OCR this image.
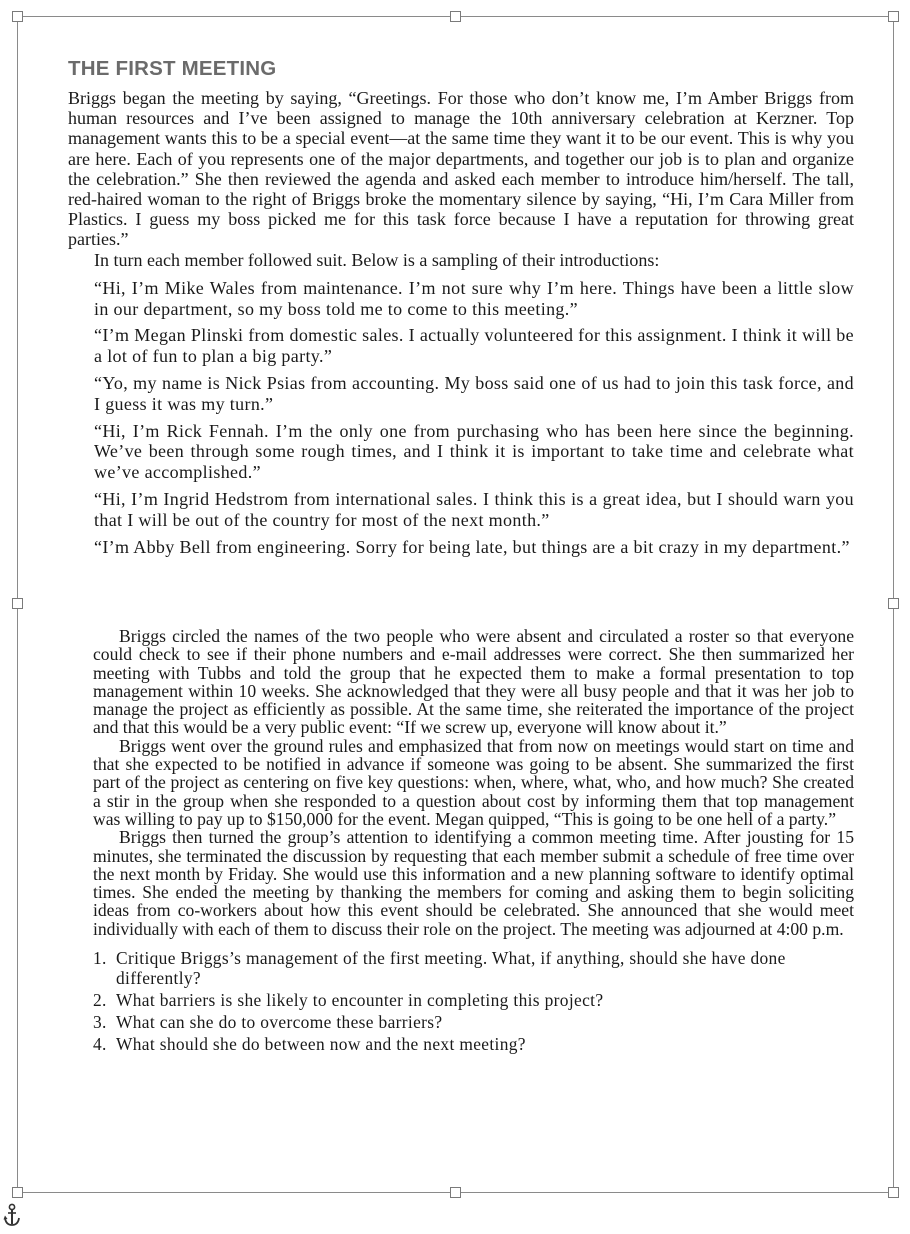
THE FIRST MEETING

Briggs began the meeting by saying, “Greetings. For those who don’t know me, I’m Amber Briggs from human resources and I’ve been assigned to manage the 10th anniversary celebration at Kerzner. Top management wants this to be a special event—at the same time they want it to be our event. This is why you are here. Each of you represents one of the major departments, and together our job is to plan and organize the celebration.” She then reviewed the agenda and asked each member to introduce him/herself. The tall, red-haired woman to the right of Briggs broke the momentary silence by saying, “Hi, I’m Cara Miller from Plastics. I guess my boss picked me for this task force because I have a reputation for throwing great parties.”

In turn each member followed suit. Below is a sampling of their introductions:

“Hi, I’m Mike Wales from maintenance. I’m not sure why I’m here. Things have been a little slow in our department, so my boss told me to come to this meeting.”

“I’m Megan Plinski from domestic sales. I actually volunteered for this assignment. I think it will be a lot of fun to plan a big party.”

“Yo, my name is Nick Psias from accounting. My boss said one of us had to join this task force, and I guess it was my turn.”

“Hi, I’m Rick Fennah. I’m the only one from purchasing who has been here since the beginning. We’ve been through some rough times, and I think it is important to take time and celebrate what we’ve accomplished.”

“Hi, I’m Ingrid Hedstrom from international sales. I think this is a great idea, but I should warn you that I will be out of the country for most of the next month.”

“I’m Abby Bell from engineering. Sorry for being late, but things are a bit crazy in my department.”

Briggs circled the names of the two people who were absent and circulated a roster so that everyone could check to see if their phone numbers and e-mail addresses were correct. She then summarized her meeting with Tubbs and told the group that he expected them to make a formal presentation to top management within 10 weeks. She acknowledged that they were all busy people and that it was her job to manage the project as efficiently as possible. At the same time, she reiterated the importance of the project and that this would be a very public event: “If we screw up, everyone will know about it.”

Briggs went over the ground rules and emphasized that from now on meetings would start on time and that she expected to be notified in advance if someone was going to be absent. She summarized the first part of the project as centering on five key questions: when, where, what, who, and how much? She created a stir in the group when she responded to a question about cost by informing them that top management was willing to pay up to $150,000 for the event. Megan quipped, “This is going to be one hell of a party.”

Briggs then turned the group’s attention to identifying a common meeting time. After jousting for 15 minutes, she terminated the discussion by requesting that each member submit a schedule of free time over the next month by Friday. She would use this information and a new planning software to identify optimal times. She ended the meeting by thanking the members for coming and asking them to begin soliciting ideas from co-workers about how this event should be celebrated. She announced that she would meet individually with each of them to discuss their role on the project. The meeting was adjourned at 4:00 p.m.

1. Critique Briggs’s management of the first meeting. What, if anything, should she have done differently?
2. What barriers is she likely to encounter in completing this project?
3. What can she do to overcome these barriers?
4. What should she do between now and the next meeting?
